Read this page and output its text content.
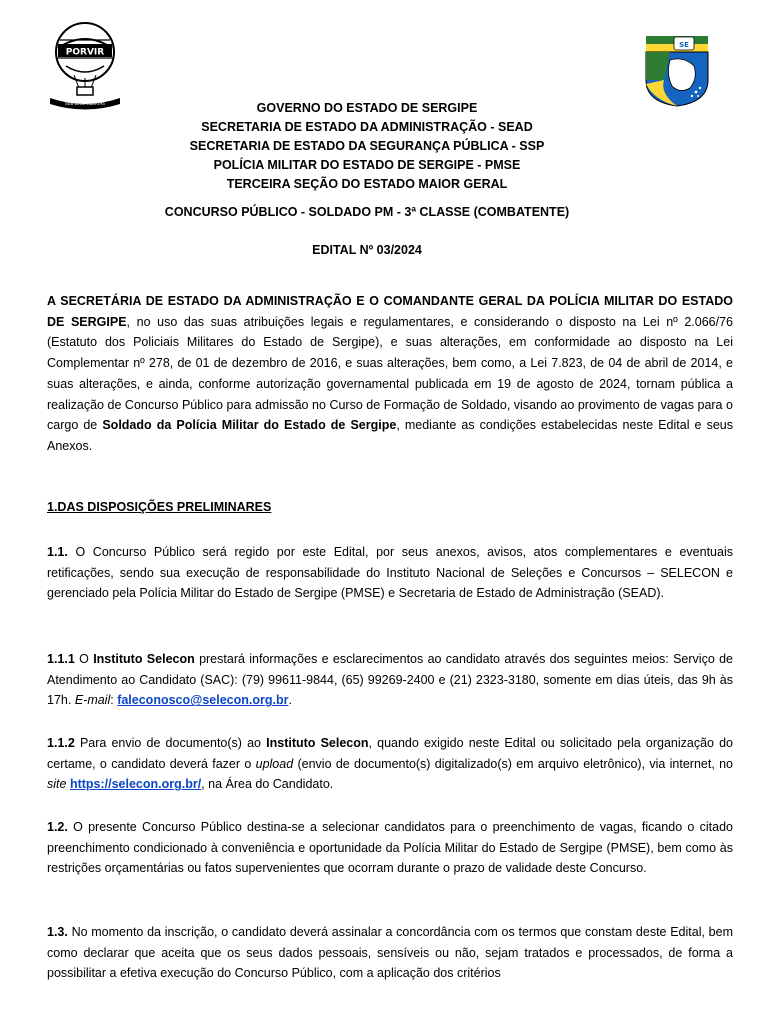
PORVIR
SUB LEGE LIBERTAS
SE
GOVERNO DO ESTADO DE SERGIPE
SECRETARIA DE ESTADO DA ADMINISTRAÇÃO - SEAD
SECRETARIA DE ESTADO DA SEGURANÇA PÚBLICA - SSP
POLÍCIA MILITAR DO ESTADO DE SERGIPE - PMSE
TERCEIRA SEÇÃO DO ESTADO MAIOR GERAL
CONCURSO PÚBLICO - SOLDADO PM - 3ª CLASSE (COMBATENTE)
EDITAL Nº 03/2024

A SECRETÁRIA DE ESTADO DA ADMINISTRAÇÃO E O COMANDANTE GERAL DA POLÍCIA MILITAR DO ESTADO DE SERGIPE, no uso das suas atribuições legais e regulamentares, e considerando o disposto na Lei nº 2.066/76 (Estatuto dos Policiais Militares do Estado de Sergipe), e suas alterações, em conformidade ao disposto na Lei Complementar nº 278, de 01 de dezembro de 2016, e suas alterações, bem como, a Lei 7.823, de 04 de abril de 2014, e suas alterações, e ainda, conforme autorização governamental publicada em 19 de agosto de 2024, tornam pública a realização de Concurso Público para admissão no Curso de Formação de Soldado, visando ao provimento de vagas para o cargo de Soldado da Polícia Militar do Estado de Sergipe, mediante as condições estabelecidas neste Edital e seus Anexos.

1.DAS DISPOSIÇÕES PRELIMINARES

1.1. O Concurso Público será regido por este Edital, por seus anexos, avisos, atos complementares e eventuais retificações, sendo sua execução de responsabilidade do Instituto Nacional de Seleções e Concursos – SELECON e gerenciado pela Polícia Militar do Estado de Sergipe (PMSE) e Secretaria de Estado de Administração (SEAD).

1.1.1 O Instituto Selecon prestará informações e esclarecimentos ao candidato através dos seguintes meios: Serviço de Atendimento ao Candidato (SAC): (79) 99611-9844, (65) 99269-2400 e (21) 2323-3180, somente em dias úteis, das 9h às 17h. E-mail: faleconosco@selecon.org.br.

1.1.2 Para envio de documento(s) ao Instituto Selecon, quando exigido neste Edital ou solicitado pela organização do certame, o candidato deverá fazer o upload (envio de documento(s) digitalizado(s) em arquivo eletrônico), via internet, no site https://selecon.org.br/, na Área do Candidato.

1.2. O presente Concurso Público destina-se a selecionar candidatos para o preenchimento de vagas, ficando o citado preenchimento condicionado à conveniência e oportunidade da Polícia Militar do Estado de Sergipe (PMSE), bem como às restrições orçamentárias ou fatos supervenientes que ocorram durante o prazo de validade deste Concurso.

1.3. No momento da inscrição, o candidato deverá assinalar a concordância com os termos que constam deste Edital, bem como declarar que aceita que os seus dados pessoais, sensíveis ou não, sejam tratados e processados, de forma a possibilitar a efetiva execução do Concurso Público, com a aplicação dos critérios
